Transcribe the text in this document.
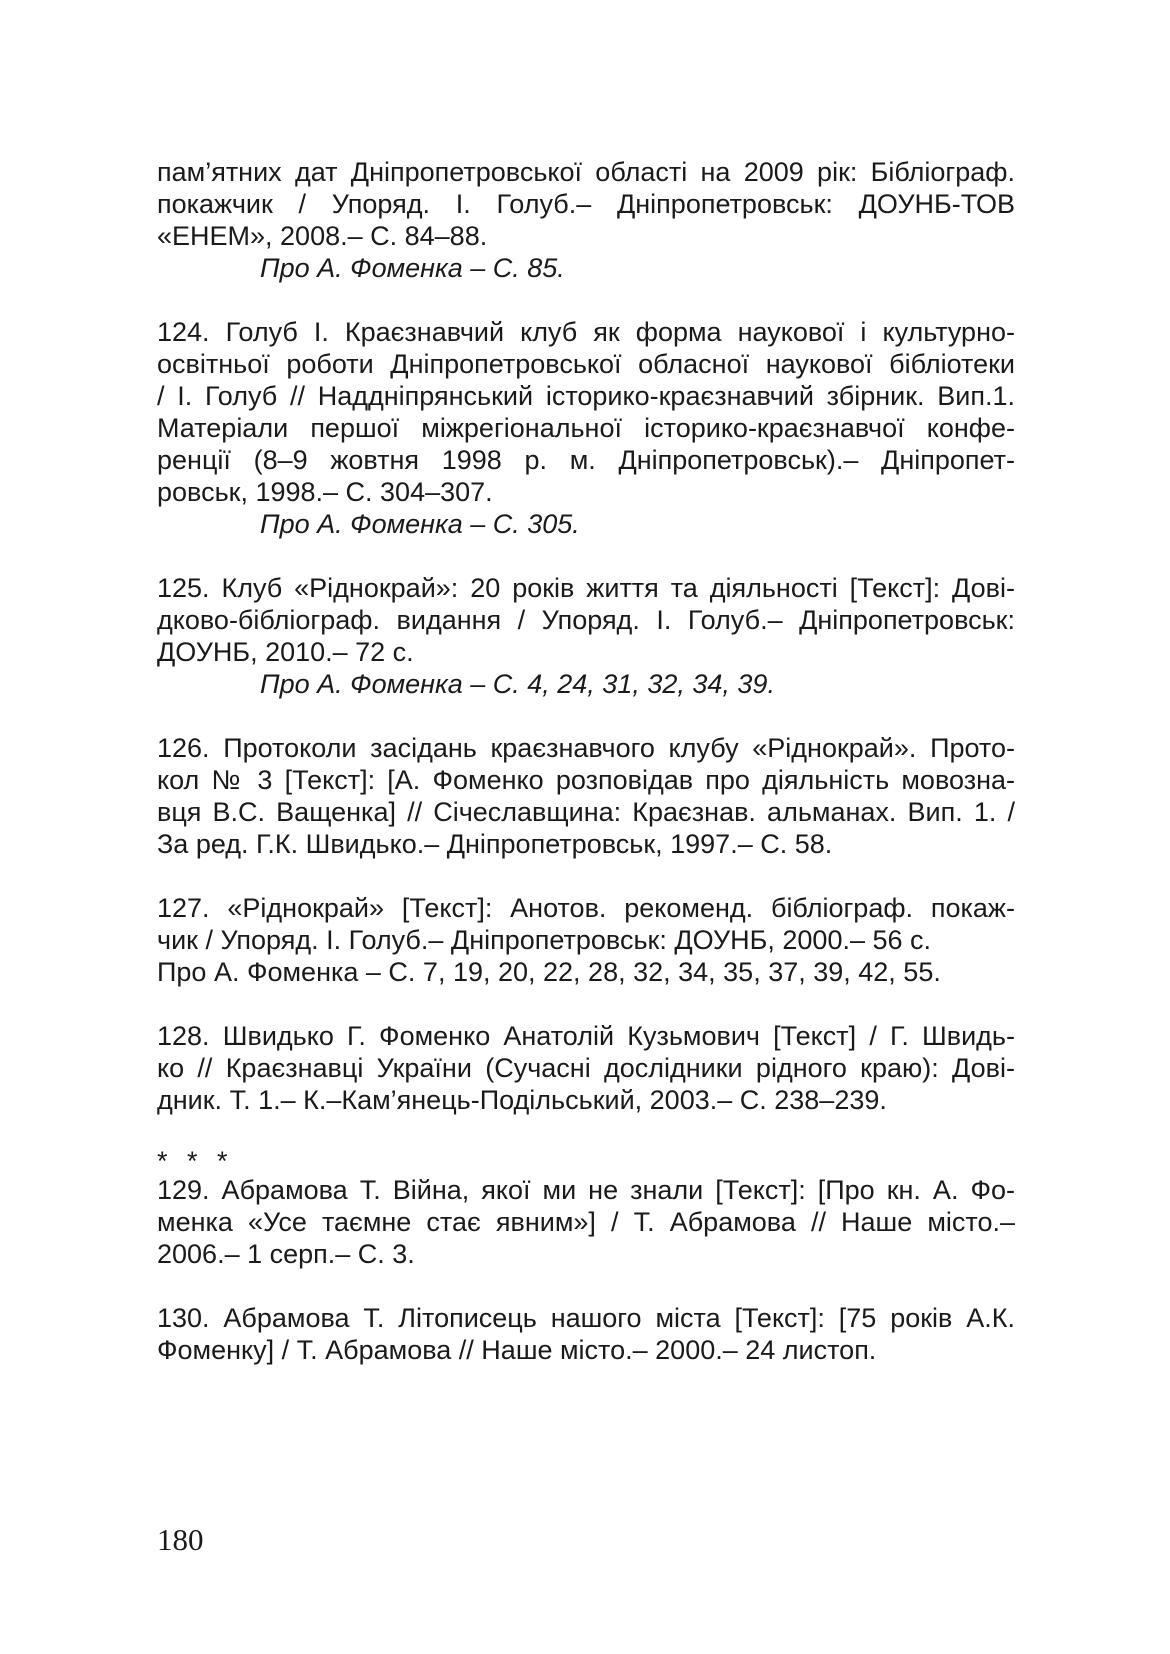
пам’ятних дат Дніпропетровської області на 2009 рік: Бібліограф.
покажчик / Упоряд. І. Голуб.– Дніпропетровськ: ДОУНБ-ТОВ
«ЕНЕМ», 2008.– С. 84–88.
Про А. Фоменка – С. 85.
124. Голуб І. Краєзнавчий клуб як форма наукової і культурно-
освітньої роботи Дніпропетровської обласної наукової бібліотеки
/ І. Голуб // Наддніпрянський історико-краєзнавчий збірник. Вип.1.
Матеріали першої міжрегіональної історико-краєзнавчої конфе-
ренції (8–9 жовтня 1998 р. м. Дніпропетровськ).– Дніпропет-
ровськ, 1998.– С. 304–307.
Про А. Фоменка – С. 305.
125. Клуб «Ріднокрай»: 20 років життя та діяльності [Текст]: Дові-
дково-бібліограф. видання / Упоряд. І. Голуб.– Дніпропетровськ:
ДОУНБ, 2010.– 72 с.
Про А. Фоменка – С. 4, 24, 31, 32, 34, 39.
126. Протоколи засідань краєзнавчого клубу «Ріднокрай». Прото-
кол № 3 [Текст]: [А. Фоменко розповідав про діяльність мовозна-
вця В.С. Ващенка] // Січеславщина: Краєзнав. альманах. Вип. 1. /
За ред. Г.К. Швидько.– Дніпропетровськ, 1997.– С. 58.
127. «Ріднокрай» [Текст]: Анотов. рекоменд. бібліограф. покаж-
чик / Упоряд. І. Голуб.– Дніпропетровськ: ДОУНБ, 2000.– 56 с.
Про А. Фоменка – С. 7, 19, 20, 22, 28, 32, 34, 35, 37, 39, 42, 55.
128. Швидько Г. Фоменко Анатолій Кузьмович [Текст] / Г. Швидь-
ко // Краєзнавці України (Сучасні дослідники рідного краю): Дові-
дник. Т. 1.– К.–Кам’янець-Подільський, 2003.– С. 238–239.
* * *
129. Абрамова Т. Війна, якої ми не знали [Текст]: [Про кн. А. Фо-
менка «Усе таємне стає явним»] / Т. Абрамова // Наше місто.–
2006.– 1 серп.– С. 3.
130. Абрамова Т. Літописець нашого міста [Текст]: [75 років А.К.
Фоменку] / Т. Абрамова // Наше місто.– 2000.– 24 листоп.
180
